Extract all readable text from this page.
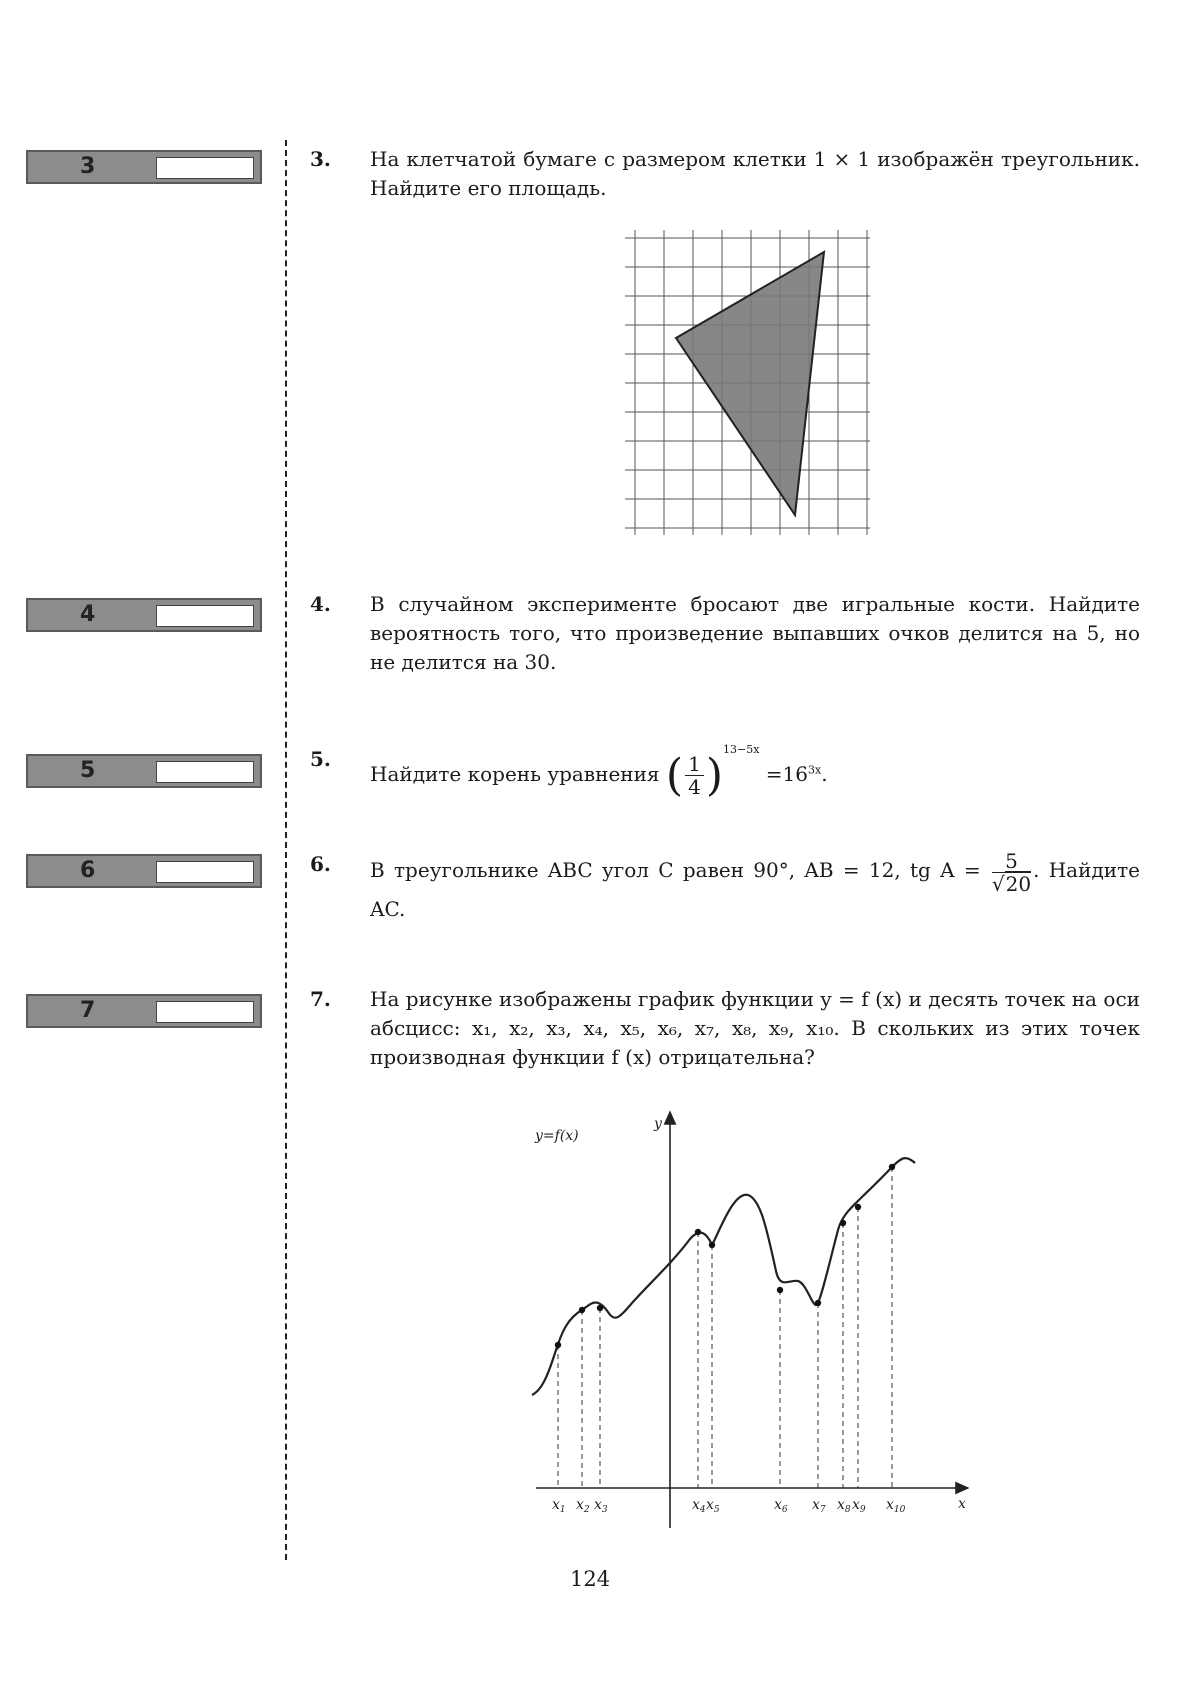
3
4
5
6
7
3. На клетчатой бумаге с размером клетки 1 × 1 изображён треугольник. Найдите его площадь.
4. В случайном эксперименте бросают две игральные кости. Найдите вероятность того, что произведение выпавших очков делится на 5, но не делится на 30.
5.
Найдите корень уравнения ( $\frac{1}{4} )^{13-5x} =16^{3x}$.
6. В треугольнике ABC угол C равен 90°, AB = 12, tg $A = \frac{5}{√20}$ . Найдите AC.
7. На рисунке изображены график функции y = f (x) и десять точек на оси абсцисс: x₁, x₂, x₃, x₄, x₅, x₆, x₇, x₈, x₉, x₁₀. В скольких из этих точек производная функции f (x) отрицательна?
x
y
y=f(x)
$x_1$ $x_2$ $x_3$	$x_4$ $x_5$	$x_6$ $x_7$ $x_8$ $x_9$ $x_{10}$
124
